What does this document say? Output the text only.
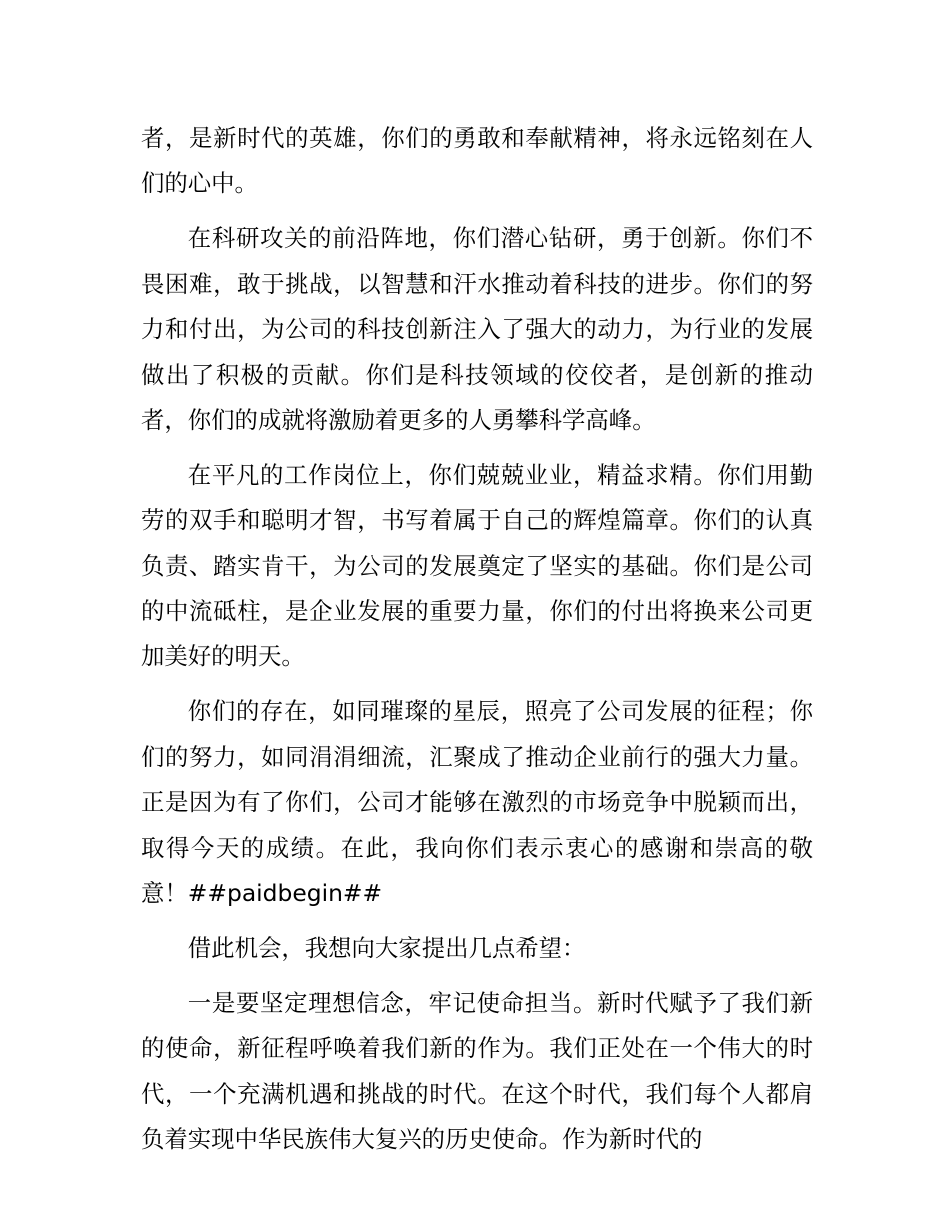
者，是新时代的英雄，你们的勇敢和奉献精神，将永远铭刻在人们的心中。

在科研攻关的前沿阵地，你们潜心钻研，勇于创新。你们不畏困难，敢于挑战，以智慧和汗水推动着科技的进步。你们的努力和付出，为公司的科技创新注入了强大的动力，为行业的发展做出了积极的贡献。你们是科技领域的佼佼者，是创新的推动者，你们的成就将激励着更多的人勇攀科学高峰。

在平凡的工作岗位上，你们兢兢业业，精益求精。你们用勤劳的双手和聪明才智，书写着属于自己的辉煌篇章。你们的认真负责、踏实肯干，为公司的发展奠定了坚实的基础。你们是公司的中流砥柱，是企业发展的重要力量，你们的付出将换来公司更加美好的明天。

你们的存在，如同璀璨的星辰，照亮了公司发展的征程；你们的努力，如同涓涓细流，汇聚成了推动企业前行的强大力量。正是因为有了你们，公司才能够在激烈的市场竞争中脱颖而出，取得今天的成绩。在此，我向你们表示衷心的感谢和崇高的敬意！##paidbegin##

借此机会，我想向大家提出几点希望：

一是要坚定理想信念，牢记使命担当。新时代赋予了我们新的使命，新征程呼唤着我们新的作为。我们正处在一个伟大的时代，一个充满机遇和挑战的时代。在这个时代，我们每个人都肩负着实现中华民族伟大复兴的历史使命。作为新时代的
